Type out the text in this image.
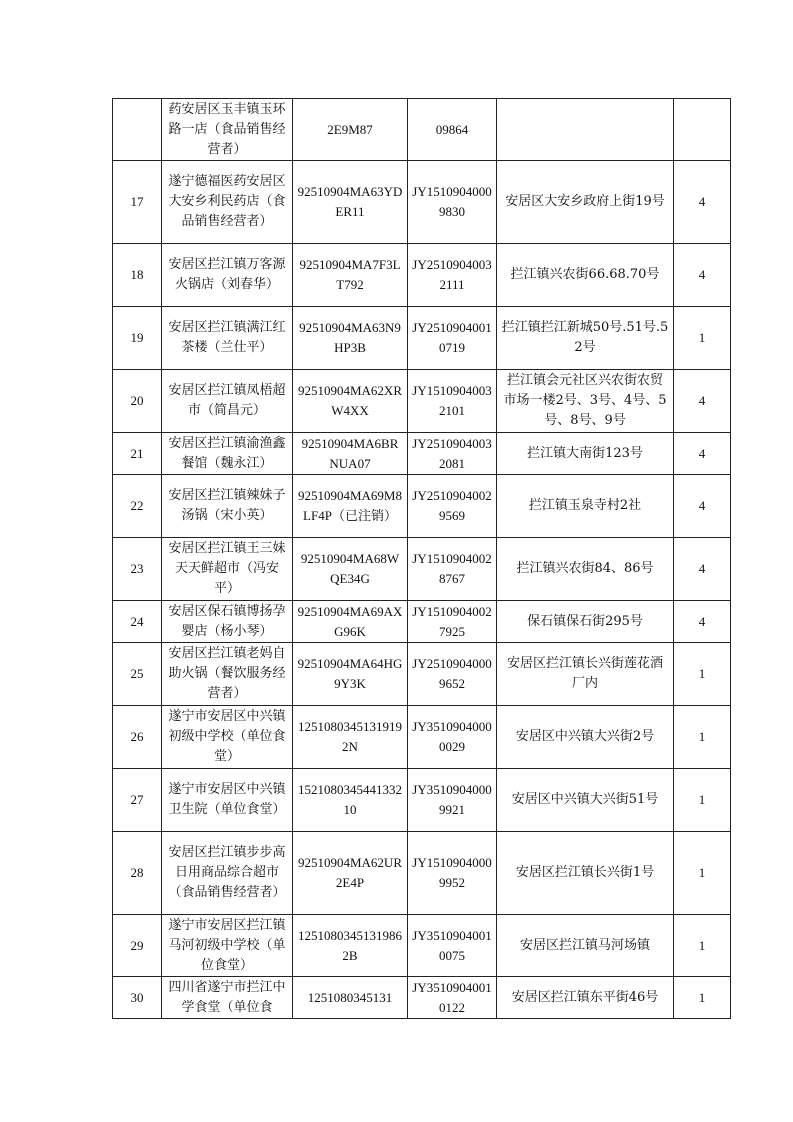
	药安居区玉丰镇玉环路一店（食品销售经营者）	2E9M87	09864		
17	遂宁德福医药安居区大安乡利民药店（食品销售经营者）	92510904MA63YDER11	JY15109040009830	安居区大安乡政府上街19号	4
18	安居区拦江镇万客源火锅店（刘春华）	92510904MA7F3LT792	JY25109040032111	拦江镇兴农街66.68.70号	4
19	安居区拦江镇满江红茶楼（兰仕平）	92510904MA63N9HP3B	JY25109040010719	拦江镇拦江新城50号.51号.52号	1
20	安居区拦江镇凤梧超市（简昌元）	92510904MA62XRW4XX	JY15109040032101	拦江镇会元社区兴农街农贸市场一楼2号、3号、4号、5号、8号、9号	4
21	安居区拦江镇渝渔鑫餐馆（魏永江）	92510904MA6BRNUA07	JY25109040032081	拦江镇大南街123号	4
22	安居区拦江镇辣妹子汤锅（宋小英）	92510904MA69M8LF4P（已注销）	JY25109040029569	拦江镇玉泉寺村2社	4
23	安居区拦江镇王三妹天天鲜超市（冯安平）	92510904MA68WQE34G	JY15109040028767	拦江镇兴农街84、86号	4
24	安居区保石镇博扬孕婴店（杨小琴）	92510904MA69AXG96K	JY15109040027925	保石镇保石街295号	4
25	安居区拦江镇老妈自助火锅（餐饮服务经营者）	92510904MA64HG9Y3K	JY25109040009652	安居区拦江镇长兴街莲花酒厂内	1
26	遂宁市安居区中兴镇初级中学校（单位食堂）	12510803451319192N	JY35109040000029	安居区中兴镇大兴街2号	1
27	遂宁市安居区中兴镇卫生院（单位食堂）	152108034544133210	JY35109040009921	安居区中兴镇大兴街51号	1
28	安居区拦江镇步步高日用商品综合超市（食品销售经营者）	92510904MA62UR2E4P	JY15109040009952	安居区拦江镇长兴街1号	1
29	遂宁市安居区拦江镇马河初级中学校（单位食堂）	12510803451319862B	JY35109040010075	安居区拦江镇马河场镇	1
30	四川省遂宁市拦江中学食堂（单位食	1251080345131	JY35109040010122	安居区拦江镇东平街46号	1
